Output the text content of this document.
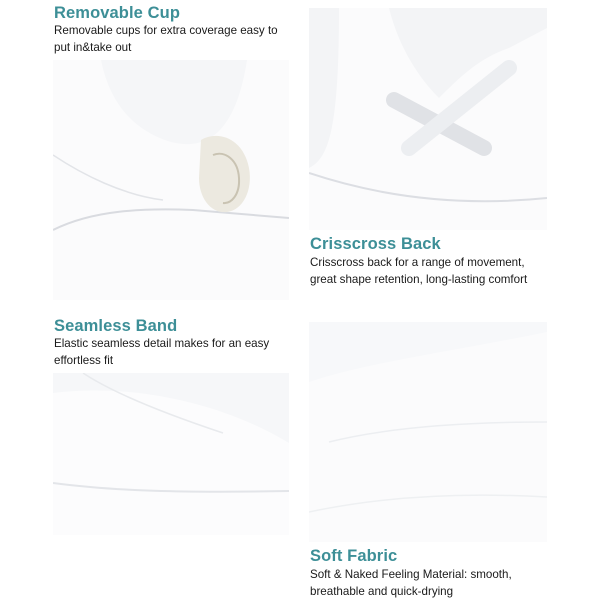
Removable Cup

Removable cups for extra coverage easy to put in&take out

Crisscross Back

Crisscross back for a range of movement, great shape retention, long-lasting comfort

Seamless Band

Elastic seamless detail makes for an easy effortless fit

Soft Fabric

Soft & Naked Feeling Material: smooth, breathable and quick-drying
